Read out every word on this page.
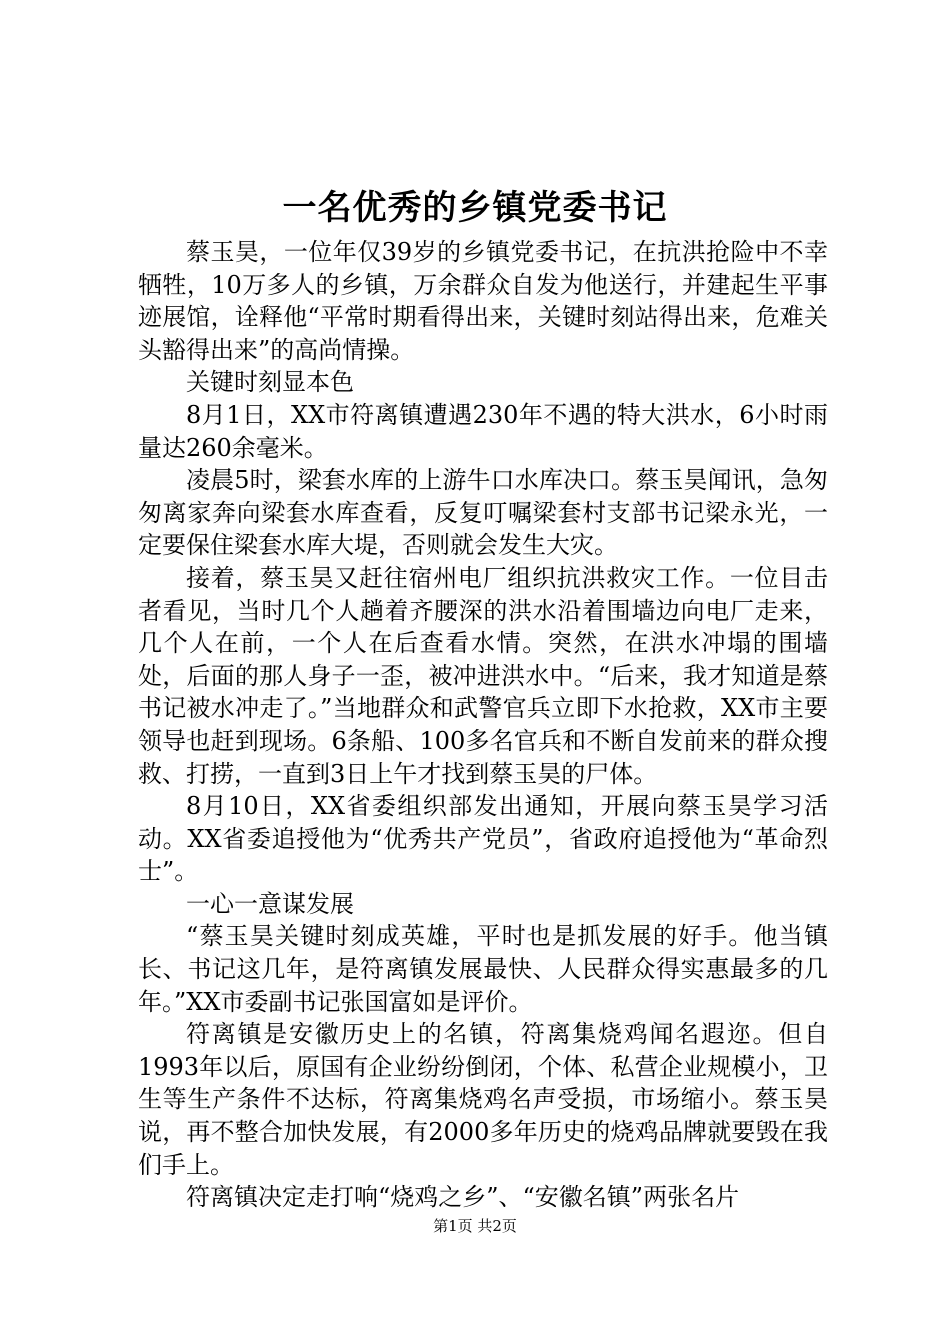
一名优秀的乡镇党委书记

蔡玉昊，一位年仅39岁的乡镇党委书记，在抗洪抢险中不幸牺牲，10万多人的乡镇，万余群众自发为他送行，并建起生平事迹展馆，诠释他“平常时期看得出来，关键时刻站得出来，危难关头豁得出来”的高尚情操。

关键时刻显本色

8月1日，XX市符离镇遭遇230年不遇的特大洪水，6小时雨量达260余毫米。

凌晨5时，梁套水库的上游牛口水库决口。蔡玉昊闻讯，急匆匆离家奔向梁套水库查看，反复叮嘱梁套村支部书记梁永光，一定要保住梁套水库大堤，否则就会发生大灾。

接着，蔡玉昊又赶往宿州电厂组织抗洪救灾工作。一位目击者看见，当时几个人趟着齐腰深的洪水沿着围墙边向电厂走来，几个人在前，一个人在后查看水情。突然，在洪水冲塌的围墙处，后面的那人身子一歪，被冲进洪水中。“后来，我才知道是蔡书记被水冲走了。”当地群众和武警官兵立即下水抢救，XX市主要领导也赶到现场。6条船、100多名官兵和不断自发前来的群众搜救、打捞，一直到3日上午才找到蔡玉昊的尸体。

8月10日，XX省委组织部发出通知，开展向蔡玉昊学习活动。XX省委追授他为“优秀共产党员”，省政府追授他为“革命烈士”。

一心一意谋发展

“蔡玉昊关键时刻成英雄，平时也是抓发展的好手。他当镇长、书记这几年，是符离镇发展最快、人民群众得实惠最多的几年。”XX市委副书记张国富如是评价。

符离镇是安徽历史上的名镇，符离集烧鸡闻名遐迩。但自1993年以后，原国有企业纷纷倒闭，个体、私营企业规模小，卫生等生产条件不达标，符离集烧鸡名声受损，市场缩小。蔡玉昊说，再不整合加快发展，有2000多年历史的烧鸡品牌就要毁在我们手上。

符离镇决定走打响“烧鸡之乡”、“安徽名镇”两张名片

第1页 共2页
